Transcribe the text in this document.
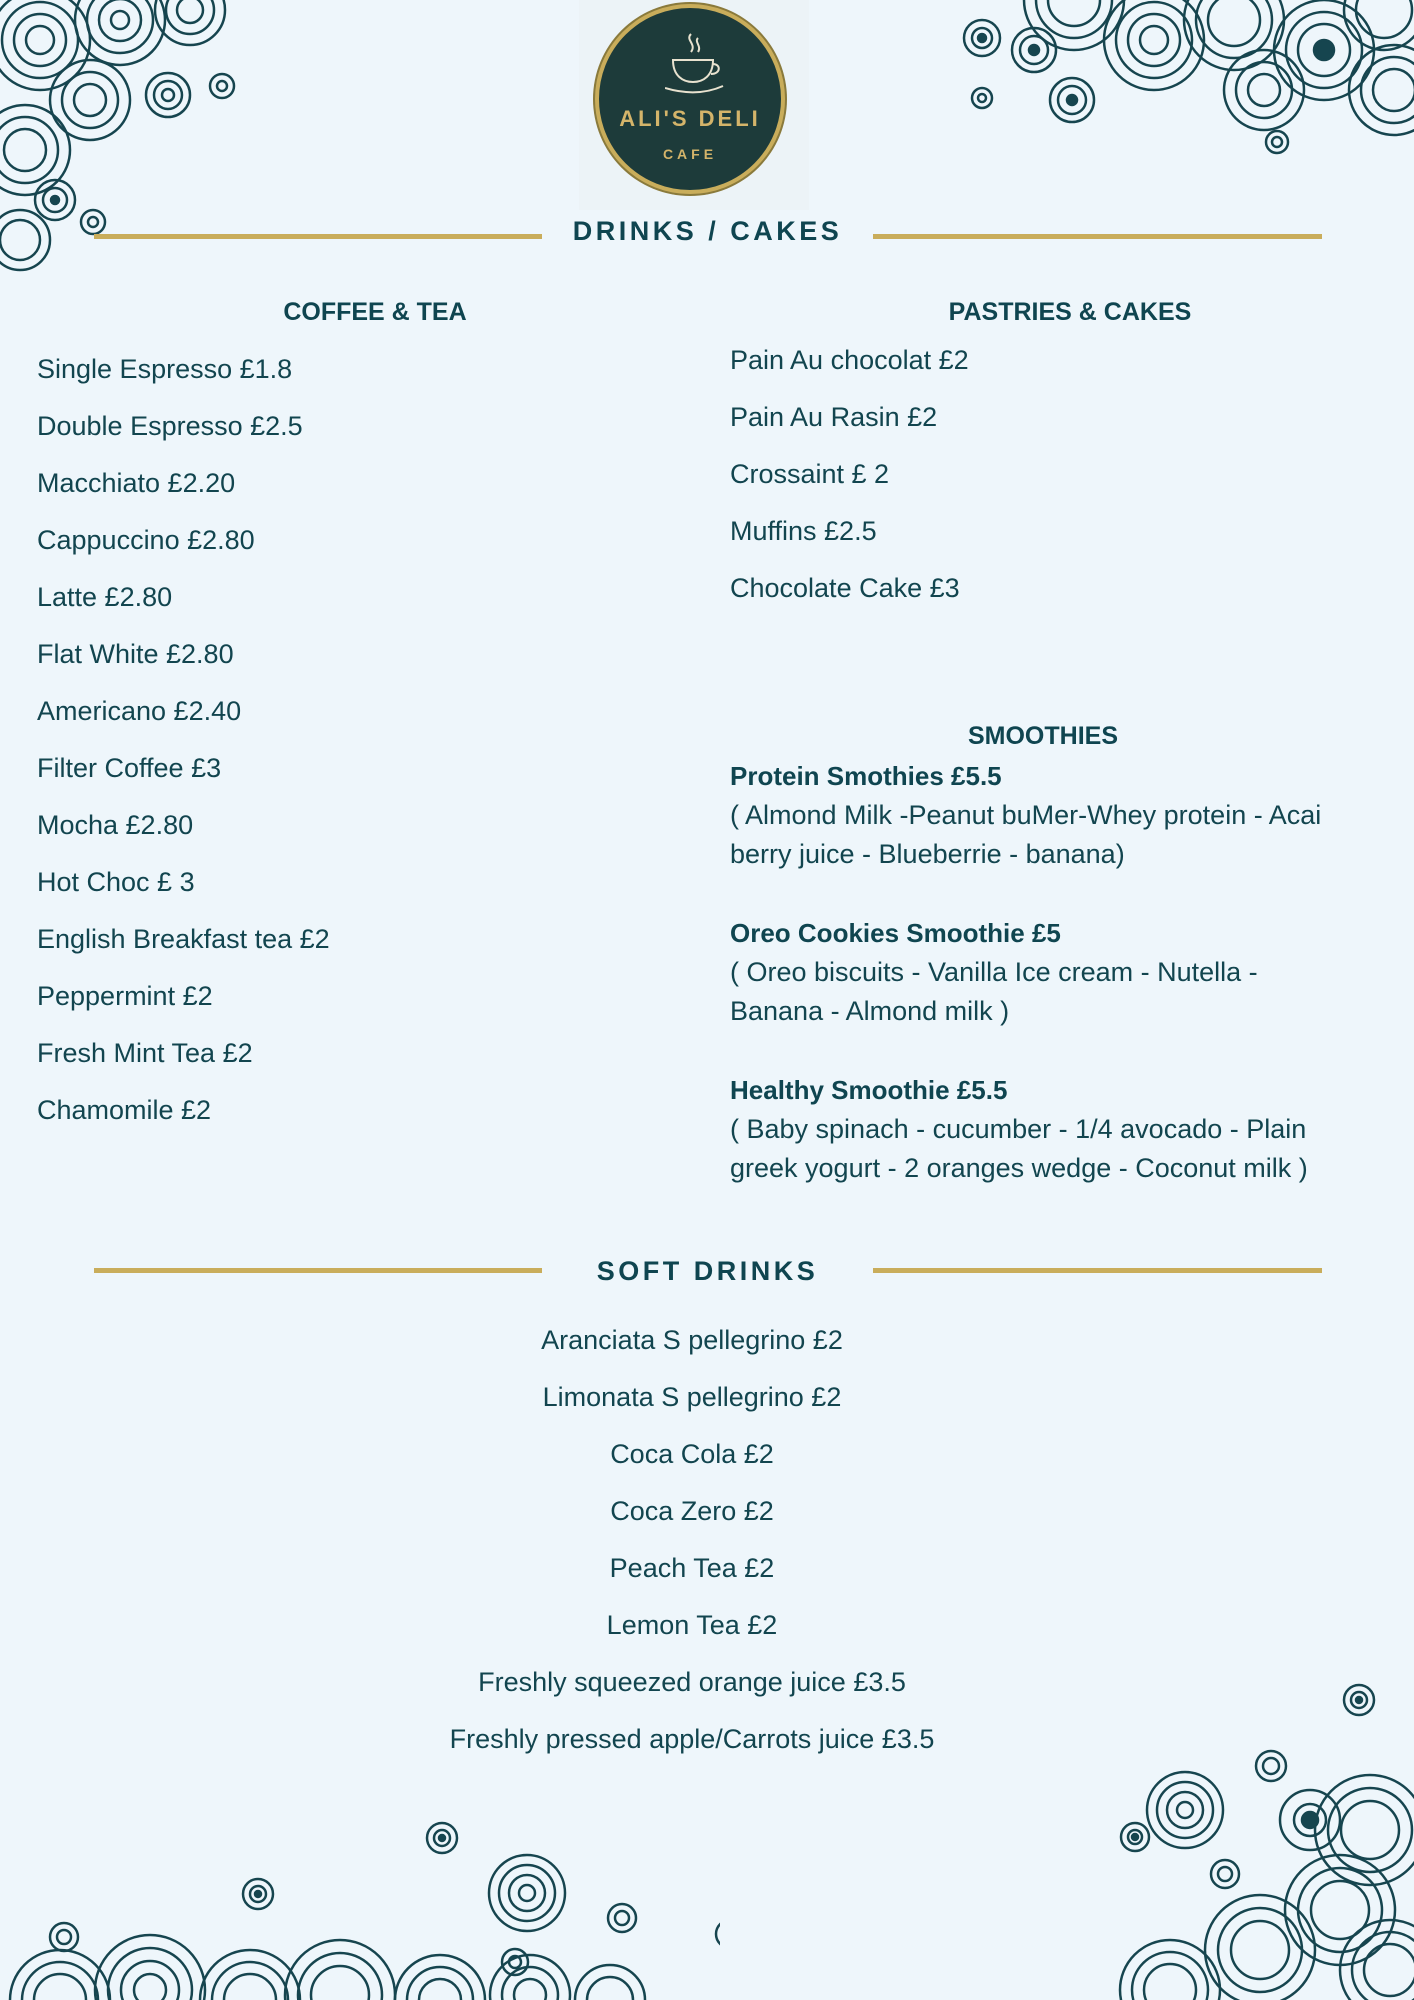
ALI'S DELI
CAFE
DRINKS / CAKES
COFFEE & TEA
Single Espresso £1.8
Double Espresso £2.5
Macchiato £2.20
Cappuccino £2.80
Latte £2.80
Flat White £2.80
Americano £2.40
Filter Coffee £3
Mocha £2.80
Hot Choc £ 3
English Breakfast tea £2
Peppermint £2
Fresh Mint Tea £2
Chamomile £2
PASTRIES & CAKES
Pain Au chocolat £2
Pain Au Rasin £2
Crossaint £ 2
Muffins £2.5
Chocolate Cake £3
SMOOTHIES
Protein Smothies £5.5
( Almond Milk -Peanut buMer-Whey protein - Acai berry juice - Blueberrie - banana)
Oreo Cookies Smoothie £5
( Oreo biscuits - Vanilla Ice cream - Nutella - Banana - Almond milk )
Healthy Smoothie £5.5
( Baby spinach - cucumber - 1/4 avocado - Plain greek yogurt - 2 oranges wedge - Coconut milk )
SOFT DRINKS
Aranciata S pellegrino £2
Limonata S pellegrino £2
Coca Cola £2
Coca Zero £2
Peach Tea £2
Lemon Tea £2
Freshly squeezed orange juice £3.5
Freshly pressed apple/Carrots juice £3.5
